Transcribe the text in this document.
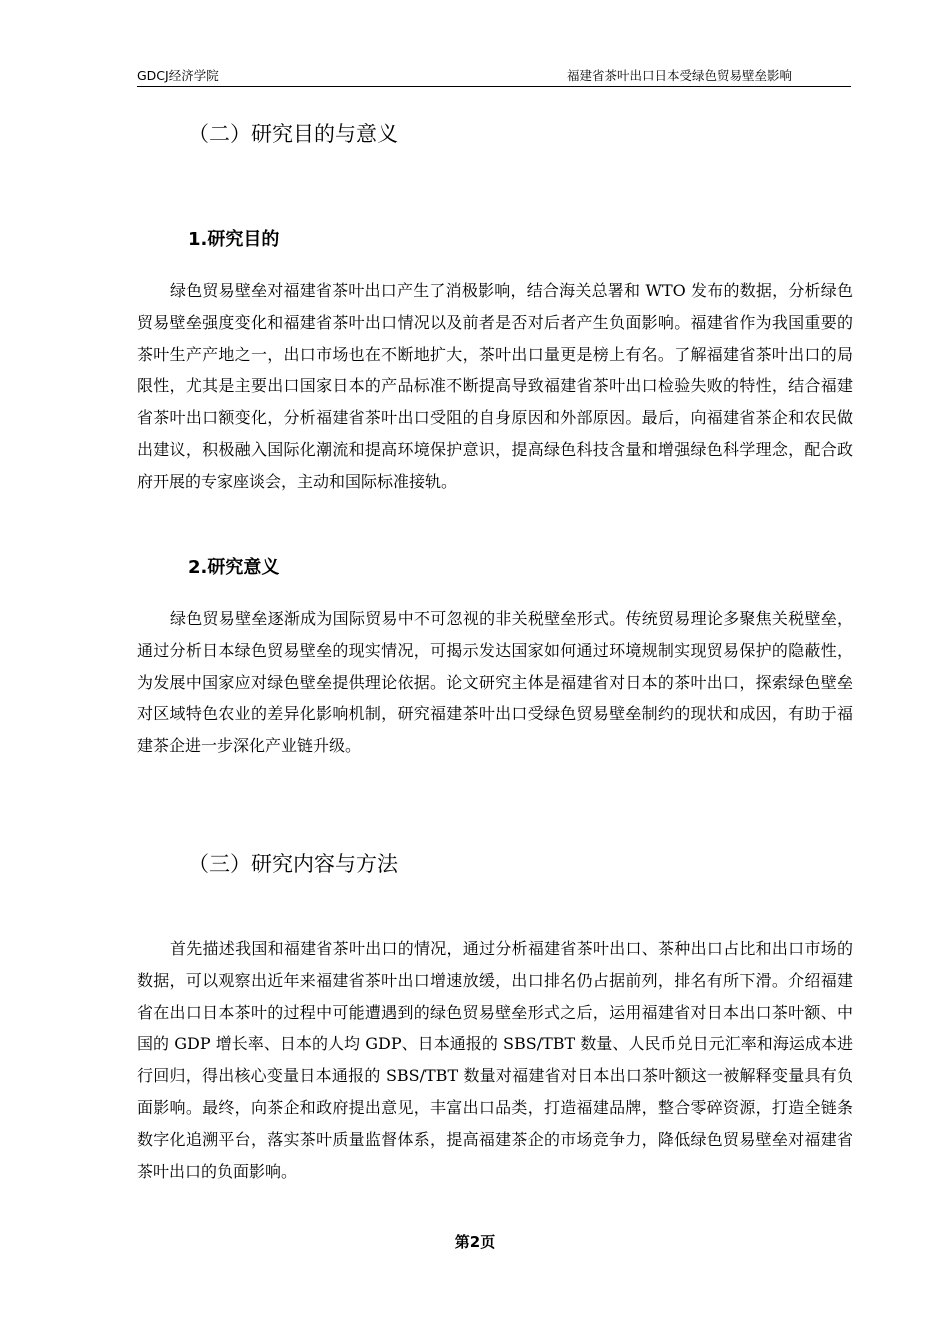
GDCJ经济学院	福建省茶叶出口日本受绿色贸易壁垒影响
（二）研究目的与意义
1.研究目的

绿色贸易壁垒对福建省茶叶出口产生了消极影响，结合海关总署和 WTO 发布的数据，分析绿色贸易壁垒强度变化和福建省茶叶出口情况以及前者是否对后者产生负面影响。福建省作为我国重要的茶叶生产产地之一，出口市场也在不断地扩大，茶叶出口量更是榜上有名。了解福建省茶叶出口的局限性，尤其是主要出口国家日本的产品标准不断提高导致福建省茶叶出口检验失败的特性，结合福建省茶叶出口额变化，分析福建省茶叶出口受阻的自身原因和外部原因。最后，向福建省茶企和农民做出建议，积极融入国际化潮流和提高环境保护意识，提高绿色科技含量和增强绿色科学理念，配合政府开展的专家座谈会，主动和国际标准接轨。

2.研究意义

绿色贸易壁垒逐渐成为国际贸易中不可忽视的非关税壁垒形式。传统贸易理论多聚焦关税壁垒，通过分析日本绿色贸易壁垒的现实情况，可揭示发达国家如何通过环境规制实现贸易保护的隐蔽性，为发展中国家应对绿色壁垒提供理论依据。论文研究主体是福建省对日本的茶叶出口，探索绿色壁垒对区域特色农业的差异化影响机制，研究福建茶叶出口受绿色贸易壁垒制约的现状和成因，有助于福建茶企进一步深化产业链升级。

（三）研究内容与方法

首先描述我国和福建省茶叶出口的情况，通过分析福建省茶叶出口、茶种出口占比和出口市场的数据，可以观察出近年来福建省茶叶出口增速放缓，出口排名仍占据前列，排名有所下滑。介绍福建省在出口日本茶叶的过程中可能遭遇到的绿色贸易壁垒形式之后，运用福建省对日本出口茶叶额、中国的 GDP 增长率、日本的人均 GDP、日本通报的 SBS/TBT 数量、人民币兑日元汇率和海运成本进行回归，得出核心变量日本通报的 SBS/TBT 数量对福建省对日本出口茶叶额这一被解释变量具有负面影响。最终，向茶企和政府提出意见，丰富出口品类，打造福建品牌，整合零碎资源，打造全链条数字化追溯平台，落实茶叶质量监督体系，提高福建茶企的市场竞争力，降低绿色贸易壁垒对福建省茶叶出口的负面影响。

第2页
